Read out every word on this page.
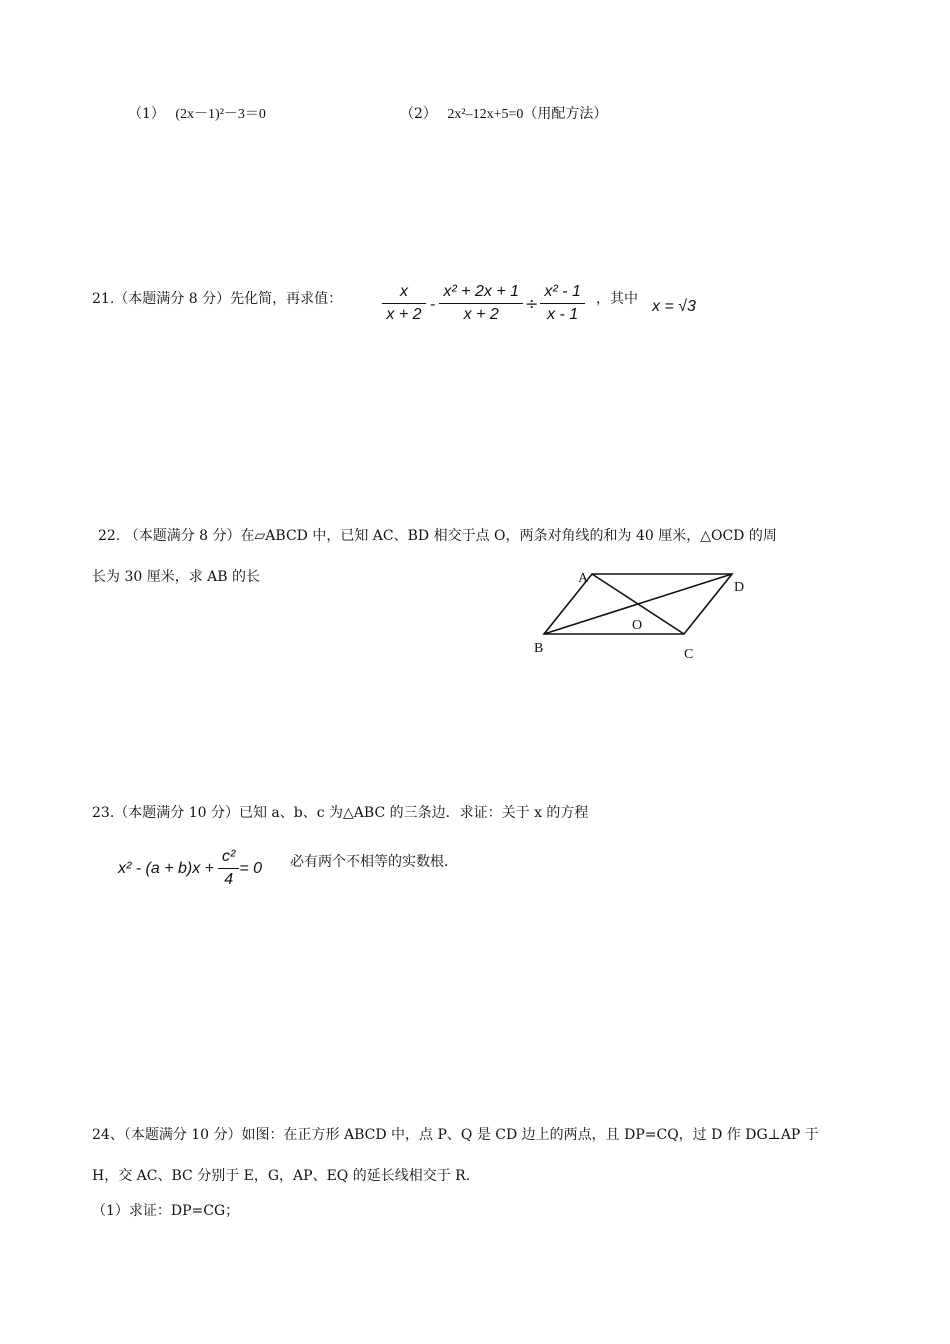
（1） (2x－1)²－3＝0	（2） 2x²–12x+5=0（用配方法）
21.（本题满分 8 分）先化简，再求值： $\frac{x}{x + 2} - \frac{\text{x² + 2x + 1}}{x + 2} \div \frac{\text{x² - 1}}{x - 1}$ ，其中 x = √3
22. （本题满分 8 分）在▱ABCD 中，已知 AC、BD 相交于点 O，两条对角线的和为 40 厘米，△OCD 的周
长为 30 厘米，求 AB 的长	A
D
O
B	C
23.（本题满分 10 分）已知 a、b、c 为△ABC 的三条边．求证：关于 x 的方程
$x^2 - (a + b)x + \frac{\text{c²}}{4} = 0$ 必有两个不相等的实数根．
24、（本题满分 10 分）如图：在正方形 ABCD 中，点 P、Q 是 CD 边上的两点，且 DP=CQ，过 D 作 DG⊥AP 于
H，交 AC、BC 分别于 E，G，AP、EQ 的延长线相交于 R.
（1）求证：DP=CG；
